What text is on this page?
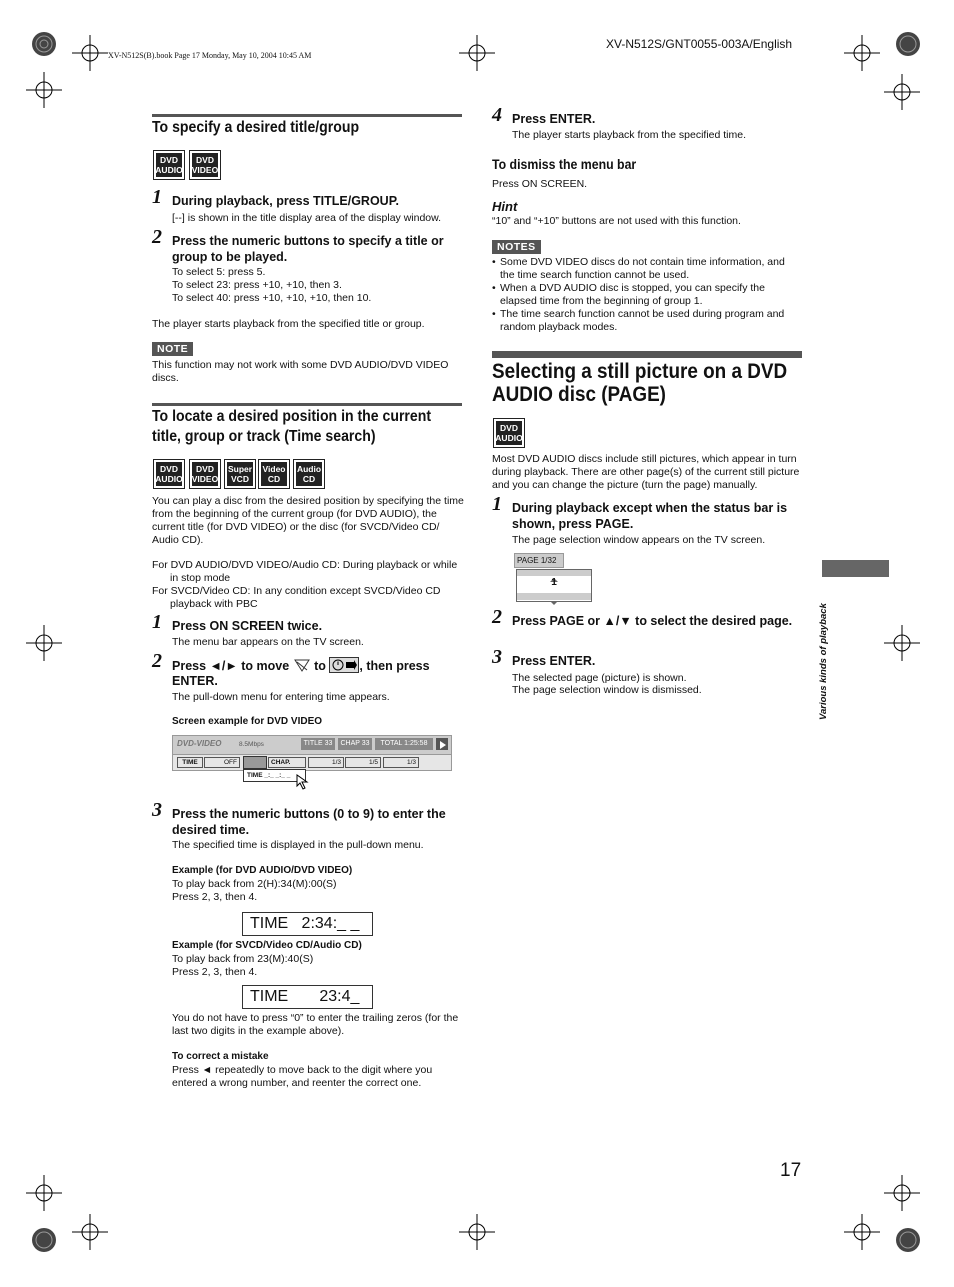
XV-N512S(B).book Page 17 Monday, May 10, 2004 10:45 AM
XV-N512S/GNT0055-003A/English
Various kinds of playback
17
To specify a desired title/group
DVD
AUDIO
DVD
VIDEO
1 During playback, press TITLE/GROUP.
[--] is shown in the title display area of the display window.
2 Press the numeric buttons to specify a title or group to be played.
To select 5: press 5.
To select 23: press +10, +10, then 3.
To select 40: press +10, +10, +10, then 10.
The player starts playback from the specified title or group.
NOTE
This function may not work with some DVD AUDIO/DVD VIDEO discs.
To locate a desired position in the current
title, group or track (Time search)
DVD
AUDIO
DVD
VIDEO
Super
VCD
Video
CD
Audio
CD
You can play a disc from the desired position by specifying the time from the beginning of the current group (for DVD AUDIO), the current title (for DVD VIDEO) or the disc (for SVCD/Video CD/ Audio CD).
For DVD AUDIO/DVD VIDEO/Audio CD: During playback or while in stop mode
For SVCD/Video CD: In any condition except SVCD/Video CD playback with PBC
1 Press ON SCREEN twice.
The menu bar appears on the TV screen.
2 Press ◄/► to move to	, then press
ENTER.
The pull-down menu for entering time appears.
Screen example for DVD VIDEO
DVD-VIDEO	8.5Mbps	TITLE 33	CHAP 33	TOTAL 1:25:58
TIME	OFF	CHAP.	1/3	1/5	1/3
TIME _:_ _:_ _
3 Press the numeric buttons (0 to 9) to enter the desired time.
The specified time is displayed in the pull-down menu.
Example (for DVD AUDIO/DVD VIDEO)
To play back from 2(H):34(M):00(S)
Press 2, 3, then 4.
TIME   2:34:_ _
Example (for SVCD/Video CD/Audio CD)
To play back from 23(M):40(S)
Press 2, 3, then 4.
TIME       23:4_
You do not have to press “0” to enter the trailing zeros (for the last two digits in the example above).
To correct a mistake
Press ◄ repeatedly to move back to the digit where you entered a wrong number, and reenter the correct one.
4 Press ENTER.
The player starts playback from the specified time.
To dismiss the menu bar
Press ON SCREEN.
Hint
“10” and “+10” buttons are not used with this function.
NOTES
• Some DVD VIDEO discs do not contain time information, and the time search function cannot be used.
• When a DVD AUDIO disc is stopped, you can specify the elapsed time from the beginning of group 1.
• The time search function cannot be used during program and random playback modes.
Selecting a still picture on a DVD
AUDIO disc (PAGE)
DVD
AUDIO
Most DVD AUDIO discs include still pictures, which appear in turn during playback. There are other page(s) of the current still picture and you can change the picture (turn the page) manually.
1 During playback except when the status bar is shown, press PAGE.
The page selection window appears on the TV screen.
PAGE 1/32
1
2 Press PAGE or ▲/▼ to select the desired page.
3 Press ENTER.
The selected page (picture) is shown.
The page selection window is dismissed.
